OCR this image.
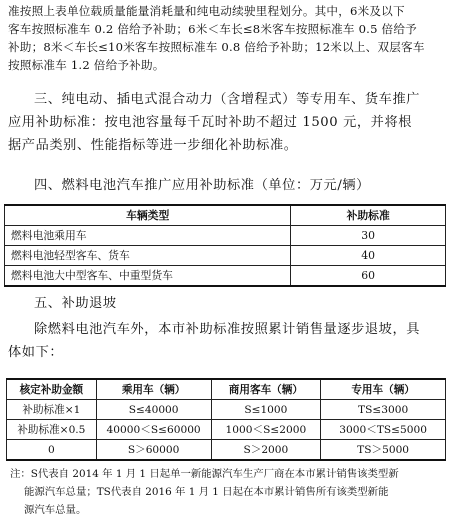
准按照上表单位载质量能量消耗量和纯电动续驶里程划分。其中，6米及以下
客车按照标准车 0.2 倍给予补助；6米＜车长≤8米客车按照标准车 0.5 倍给予
补助；8米＜车长≤10米客车按照标准车 0.8 倍给予补助；12米以上、双层客车
按照标准车 1.2 倍给予补助。
三、纯电动、插电式混合动力（含增程式）等专用车、货车推广
应用补助标准：按电池容量每千瓦时补助不超过 1500 元，并将根
据产品类别、性能指标等进一步细化补助标准。
四、燃料电池汽车推广应用补助标准（单位：万元/辆）
车辆类型	补助标准
燃料电池乘用车	30
燃料电池轻型客车、货车	40
燃料电池大中型客车、中重型货车	60
五、补助退坡
除燃料电池汽车外，本市补助标准按照累计销售量逐步退坡，具
体如下：
核定补助金额	乘用车（辆）	商用客车（辆）	专用车（辆）
补助标准×1	S≤40000	S≤1000	TS≤3000
补助标准×0.5	40000＜S≤60000	1000＜S≤2000	3000＜TS≤5000
0	S＞60000	S＞2000	TS＞5000
注：S代表自 2014 年 1 月 1 日起单一新能源汽车生产厂商在本市累计销售该类型新
能源汽车总量；TS代表自 2016 年 1 月 1 日起在本市累计销售所有该类型新能
源汽车总量。
